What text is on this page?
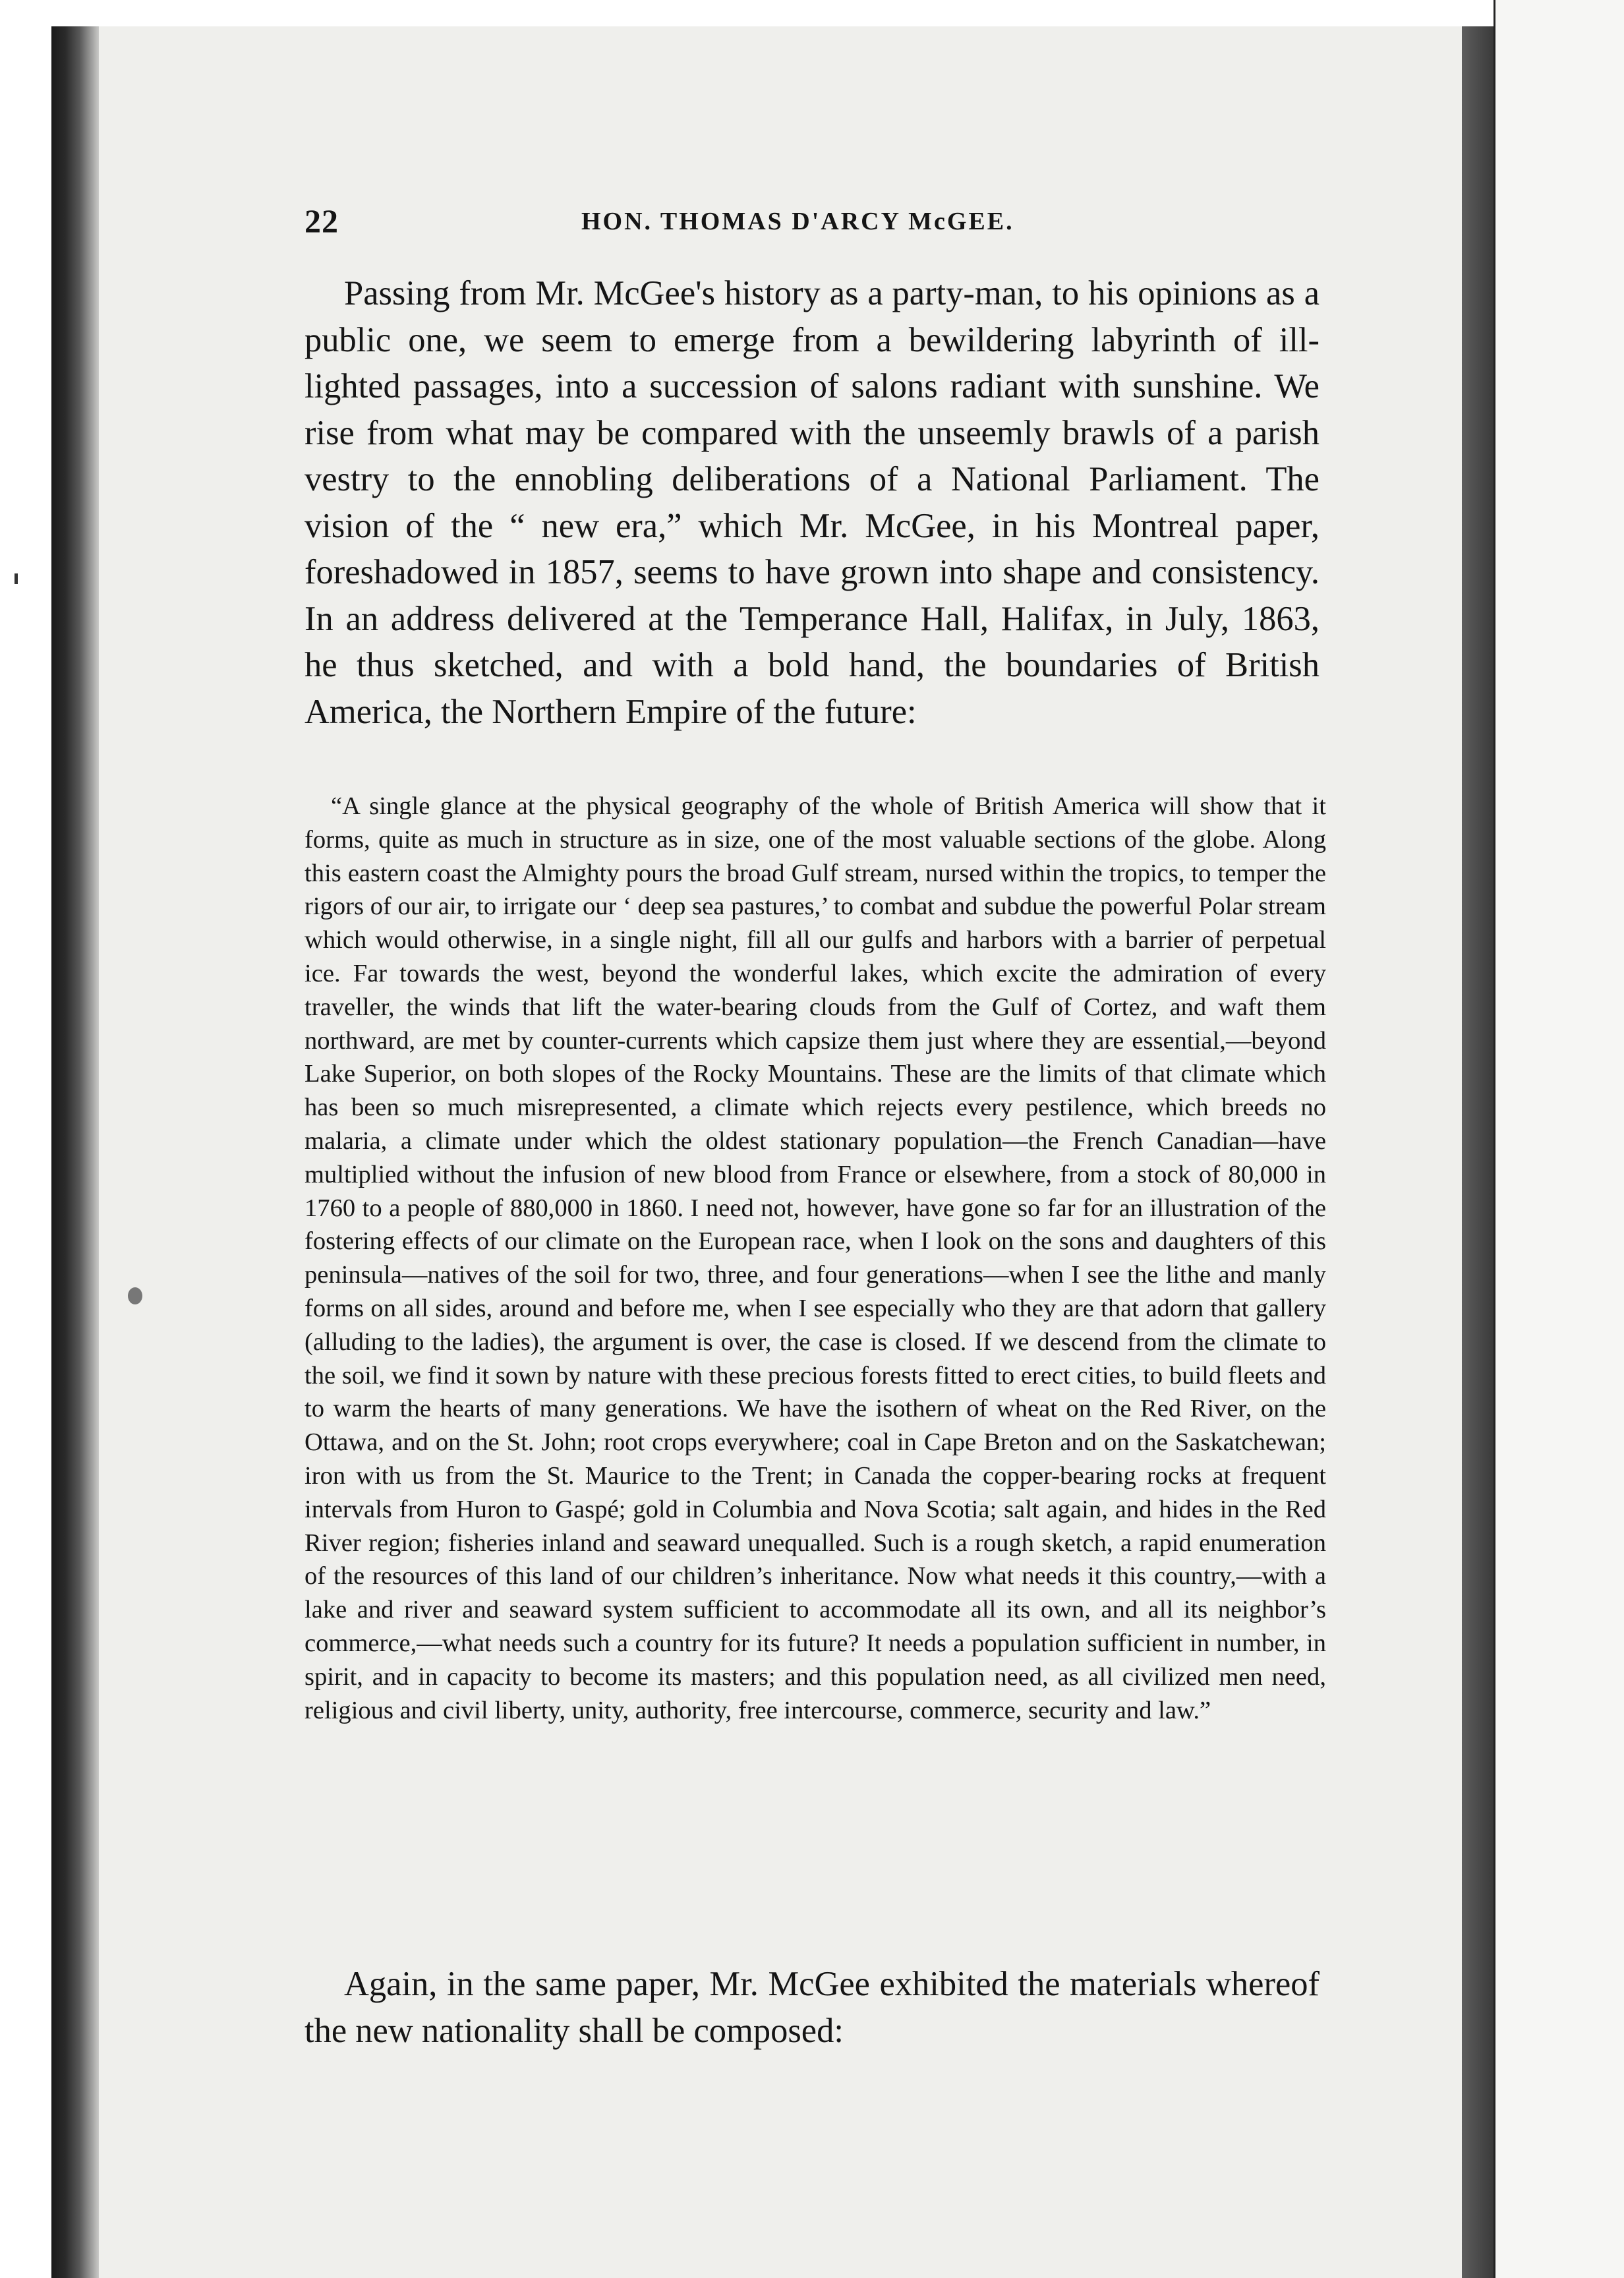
22	HON. THOMAS D'ARCY McGEE.

Passing from Mr. McGee's history as a party-man, to his opinions as a public one, we seem to emerge from a bewildering labyrinth of ill-lighted passages, into a succession of salons radiant with sunshine. We rise from what may be compared with the unseemly brawls of a parish vestry to the ennobling deliberations of a National Parliament. The vision of the “ new era,” which Mr. McGee, in his Montreal paper, foreshadowed in 1857, seems to have grown into shape and consistency. In an address delivered at the Temperance Hall, Halifax, in July, 1863, he thus sketched, and with a bold hand, the boundaries of British America, the Northern Empire of the future:

“A single glance at the physical geography of the whole of British America will show that it forms, quite as much in structure as in size, one of the most valuable sections of the globe. Along this eastern coast the Almighty pours the broad Gulf stream, nursed within the tropics, to temper the rigors of our air, to irrigate our ‘ deep sea pastures,’ to combat and subdue the powerful Polar stream which would otherwise, in a single night, fill all our gulfs and harbors with a barrier of perpetual ice. Far towards the west, beyond the wonderful lakes, which excite the admiration of every traveller, the winds that lift the water-bearing clouds from the Gulf of Cortez, and waft them northward, are met by counter-currents which capsize them just where they are essential,—beyond Lake Superior, on both slopes of the Rocky Mountains. These are the limits of that climate which has been so much misrepresented, a climate which rejects every pestilence, which breeds no malaria, a climate under which the oldest stationary population—the French Canadian—have multiplied without the infusion of new blood from France or elsewhere, from a stock of 80,000 in 1760 to a people of 880,000 in 1860. I need not, however, have gone so far for an illustration of the fostering effects of our climate on the European race, when I look on the sons and daughters of this peninsula—natives of the soil for two, three, and four generations—when I see the lithe and manly forms on all sides, around and before me, when I see especially who they are that adorn that gallery (alluding to the ladies), the argument is over, the case is closed. If we descend from the climate to the soil, we find it sown by nature with these precious forests fitted to erect cities, to build fleets and to warm the hearts of many generations. We have the isothern of wheat on the Red River, on the Ottawa, and on the St. John; root crops everywhere; coal in Cape Breton and on the Saskatchewan; iron with us from the St. Maurice to the Trent; in Canada the copper-bearing rocks at frequent intervals from Huron to Gaspé; gold in Columbia and Nova Scotia; salt again, and hides in the Red River region; fisheries inland and seaward unequalled. Such is a rough sketch, a rapid enumeration of the resources of this land of our children’s inheritance. Now what needs it this country,—with a lake and river and seaward system sufficient to accommodate all its own, and all its neighbor’s commerce,—what needs such a country for its future? It needs a population sufficient in number, in spirit, and in capacity to become its masters; and this population need, as all civilized men need, religious and civil liberty, unity, authority, free intercourse, commerce, security and law.”

Again, in the same paper, Mr. McGee exhibited the materials whereof the new nationality shall be composed:
